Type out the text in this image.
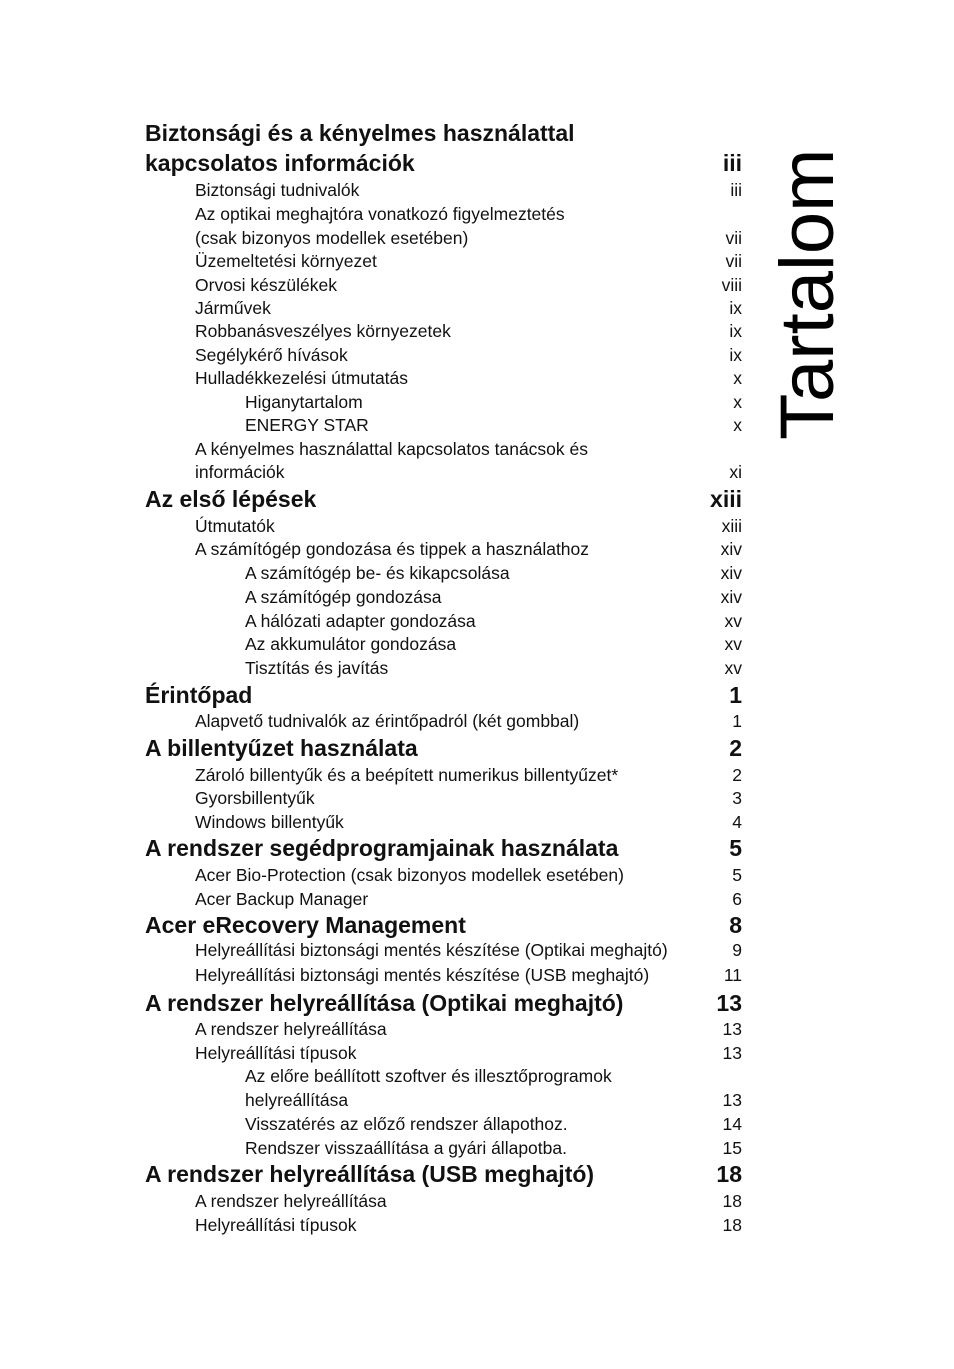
Tartalom
Biztonsági és a kényelmes használattal
kapcsolatos információk	iii
Biztonsági tudnivalók	iii
Az optikai meghajtóra vonatkozó figyelmeztetés
(csak bizonyos modellek esetében)	vii
Üzemeltetési környezet	vii
Orvosi készülékek	viii
Járművek	ix
Robbanásveszélyes környezetek	ix
Segélykérő hívások	ix
Hulladékkezelési útmutatás	x
Higanytartalom	x
ENERGY STAR	x
A kényelmes használattal kapcsolatos tanácsok és
információk	xi
Az első lépések	xiii
Útmutatók	xiii
A számítógép gondozása és tippek a használathoz	xiv
A számítógép be- és kikapcsolása	xiv
A számítógép gondozása	xiv
A hálózati adapter gondozása	xv
Az akkumulátor gondozása	xv
Tisztítás és javítás	xv
Érintőpad	1
Alapvető tudnivalók az érintőpadról (két gombbal)	1
A billentyűzet használata	2
Zároló billentyűk és a beépített numerikus billentyűzet*	2
Gyorsbillentyűk	3
Windows billentyűk	4
A rendszer segédprogramjainak használata	5
Acer Bio-Protection (csak bizonyos modellek esetében)	5
Acer Backup Manager	6
Acer eRecovery Management	8
Helyreállítási biztonsági mentés készítése (Optikai meghajtó)	9
Helyreállítási biztonsági mentés készítése (USB meghajtó)	11
A rendszer helyreállítása (Optikai meghajtó)	13
A rendszer helyreállítása	13
Helyreállítási típusok	13
Az előre beállított szoftver és illesztőprogramok
helyreállítása	13
Visszatérés az előző rendszer állapothoz.	14
Rendszer visszaállítása a gyári állapotba.	15
A rendszer helyreállítása (USB meghajtó)	18
A rendszer helyreállítása	18
Helyreállítási típusok	18
